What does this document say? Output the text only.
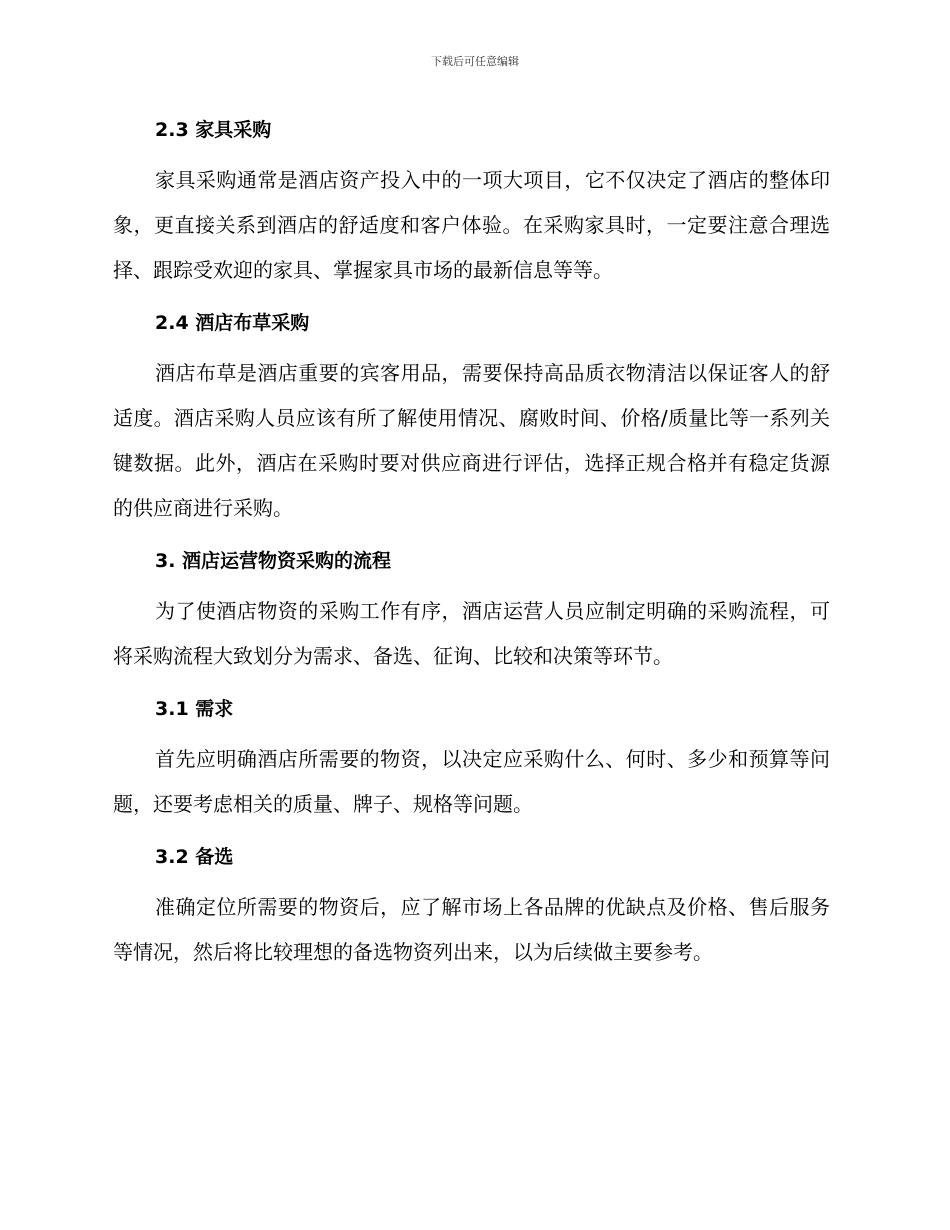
下载后可任意编辑
2.3 家具采购

家具采购通常是酒店资产投入中的一项大项目，它不仅决定了酒店的整体印象，更直接关系到酒店的舒适度和客户体验。在采购家具时，一定要注意合理选择、跟踪受欢迎的家具、掌握家具市场的最新信息等等。

2.4 酒店布草采购

酒店布草是酒店重要的宾客用品，需要保持高品质衣物清洁以保证客人的舒适度。酒店采购人员应该有所了解使用情况、腐败时间、价格/质量比等一系列关键数据。此外，酒店在采购时要对供应商进行评估，选择正规合格并有稳定货源的供应商进行采购。

3. 酒店运营物资采购的流程

为了使酒店物资的采购工作有序，酒店运营人员应制定明确的采购流程，可将采购流程大致划分为需求、备选、征询、比较和决策等环节。

3.1 需求

首先应明确酒店所需要的物资，以决定应采购什么、何时、多少和预算等问题，还要考虑相关的质量、牌子、规格等问题。

3.2 备选

准确定位所需要的物资后，应了解市场上各品牌的优缺点及价格、售后服务等情况，然后将比较理想的备选物资列出来，以为后续做主要参考。
